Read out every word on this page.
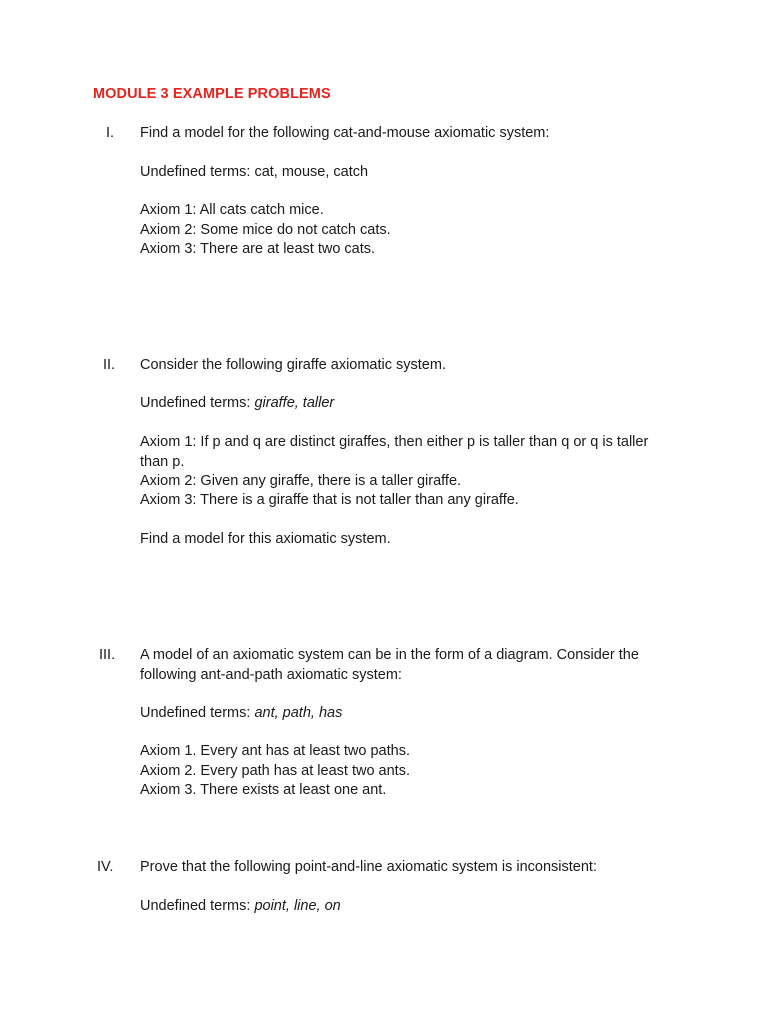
MODULE 3 EXAMPLE PROBLEMS
I. Find a model for the following cat-and-mouse axiomatic system:
Undefined terms: cat, mouse, catch
Axiom 1: All cats catch mice.
Axiom 2: Some mice do not catch cats.
Axiom 3: There are at least two cats.
II. Consider the following giraffe axiomatic system.
Undefined terms: giraffe, taller
Axiom 1: If p and q are distinct giraffes, then either p is taller than q or q is taller than p.
Axiom 2: Given any giraffe, there is a taller giraffe.
Axiom 3: There is a giraffe that is not taller than any giraffe.
Find a model for this axiomatic system.
III. A model of an axiomatic system can be in the form of a diagram. Consider the following ant-and-path axiomatic system:
Undefined terms: ant, path, has
Axiom 1. Every ant has at least two paths.
Axiom 2. Every path has at least two ants.
Axiom 3. There exists at least one ant.
IV. Prove that the following point-and-line axiomatic system is inconsistent:
Undefined terms: point, line, on
